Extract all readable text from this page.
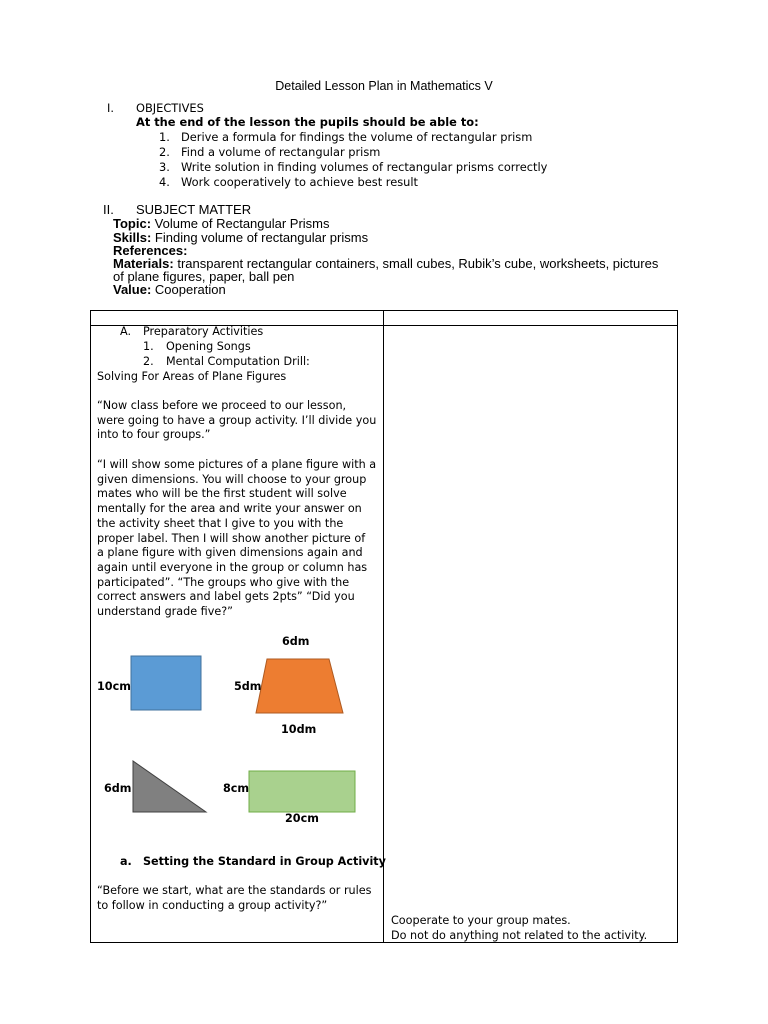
Detailed Lesson Plan in Mathematics V
I. OBJECTIVES
At the end of the lesson the pupils should be able to:
1. Derive a formula for findings the volume of rectangular prism
2. Find a volume of rectangular prism
3. Write solution in finding volumes of rectangular prisms correctly
4. Work cooperatively to achieve best result
II. SUBJECT MATTER
Topic: Volume of Rectangular Prisms
Skills: Finding volume of rectangular prisms
References:
Materials: transparent rectangular containers, small cubes, Rubik’s cube, worksheets, pictures
of plane figures, paper, ball pen
Value: Cooperation
A. Preparatory Activities
1. Opening Songs
2. Mental Computation Drill:
Solving For Areas of Plane Figures
“Now class before we proceed to our lesson,
were going to have a group activity. I’ll divide you
into to four groups.”
“I will show some pictures of a plane figure with a
given dimensions. You will choose to your group
mates who will be the first student will solve
mentally for the area and write your answer on
the activity sheet that I give to you with the
proper label. Then I will show another picture of
a plane figure with given dimensions again and
again until everyone in the group or column has
participated”. “The groups who give with the
correct answers and label gets 2pts” “Did you
understand grade five?”
10cm
6dm
5dm
10dm
6dm	8cm
20cm
a. Setting the Standard in Group Activity
“Before we start, what are the standards or rules
to follow in conducting a group activity?”
Cooperate to your group mates.
Do not do anything not related to the activity.
